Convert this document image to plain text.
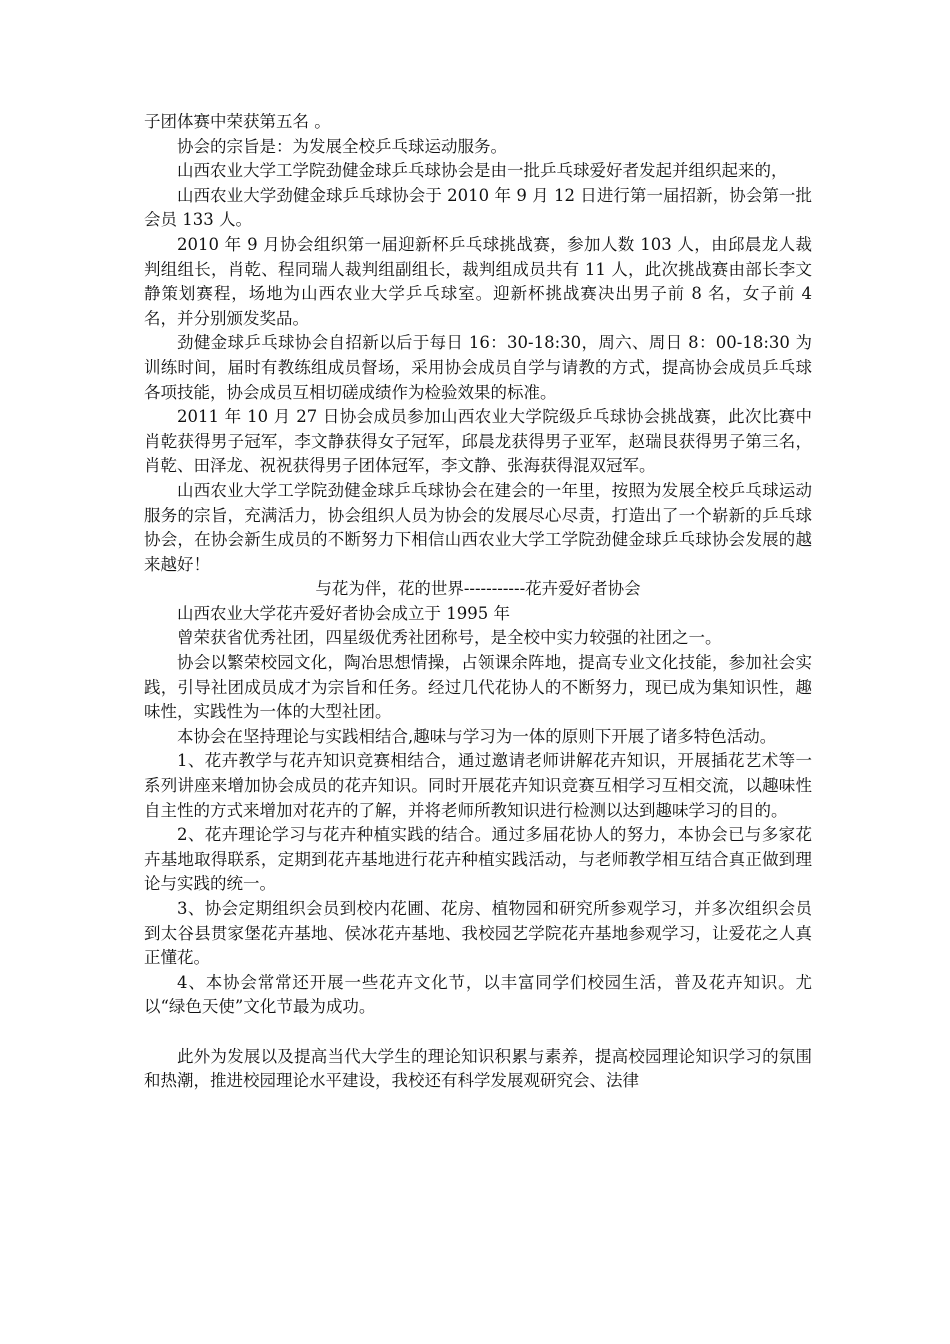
子团体赛中荣获第五名 。

协会的宗旨是：为发展全校乒乓球运动服务。

山西农业大学工学院劲健金球乒乓球协会是由一批乒乓球爱好者发起并组织起来的，

山西农业大学劲健金球乒乓球协会于 2010 年 9 月 12 日进行第一届招新，协会第一批会员 133 人。

2010 年 9 月协会组织第一届迎新杯乒乓球挑战赛，参加人数 103 人，由邱晨龙人裁判组组长，肖乾、程同瑞人裁判组副组长，裁判组成员共有 11 人，此次挑战赛由部长李文静策划赛程，场地为山西农业大学乒乓球室。迎新杯挑战赛决出男子前 8 名，女子前 4 名，并分别颁发奖品。

劲健金球乒乓球协会自招新以后于每日 16：30-18:30，周六、周日 8：00-18:30 为训练时间，届时有教练组成员督场，采用协会成员自学与请教的方式，提高协会成员乒乓球各项技能，协会成员互相切磋成绩作为检验效果的标准。

2011 年 10 月 27 日协会成员参加山西农业大学院级乒乓球协会挑战赛，此次比赛中肖乾获得男子冠军，李文静获得女子冠军，邱晨龙获得男子亚军，赵瑞艮获得男子第三名，肖乾、田泽龙、祝祝获得男子团体冠军，李文静、张海获得混双冠军。

山西农业大学工学院劲健金球乒乓球协会在建会的一年里，按照为发展全校乒乓球运动服务的宗旨，充满活力，协会组织人员为协会的发展尽心尽责，打造出了一个崭新的乒乓球协会，在协会新生成员的不断努力下相信山西农业大学工学院劲健金球乒乓球协会发展的越来越好！

与花为伴，花的世界-----------花卉爱好者协会

山西农业大学花卉爱好者协会成立于 1995 年

曾荣获省优秀社团，四星级优秀社团称号，是全校中实力较强的社团之一。

协会以繁荣校园文化，陶冶思想情操，占领课余阵地，提高专业文化技能，参加社会实践，引导社团成员成才为宗旨和任务。经过几代花协人的不断努力，现已成为集知识性，趣味性，实践性为一体的大型社团。

本协会在坚持理论与实践相结合,趣味与学习为一体的原则下开展了诸多特色活动。

1、花卉教学与花卉知识竞赛相结合，通过邀请老师讲解花卉知识，开展插花艺术等一系列讲座来增加协会成员的花卉知识。同时开展花卉知识竞赛互相学习互相交流，以趣味性自主性的方式来增加对花卉的了解，并将老师所教知识进行检测以达到趣味学习的目的。

2、花卉理论学习与花卉种植实践的结合。通过多届花协人的努力，本协会已与多家花卉基地取得联系，定期到花卉基地进行花卉种植实践活动，与老师教学相互结合真正做到理论与实践的统一。

3、协会定期组织会员到校内花圃、花房、植物园和研究所参观学习，并多次组织会员到太谷县贯家堡花卉基地、侯冰花卉基地、我校园艺学院花卉基地参观学习，让爱花之人真正懂花。

4、本协会常常还开展一些花卉文化节，以丰富同学们校园生活，普及花卉知识。尤以“绿色天使”文化节最为成功。

此外为发展以及提高当代大学生的理论知识积累与素养，提高校园理论知识学习的氛围和热潮，推进校园理论水平建设，我校还有科学发展观研究会、法律
